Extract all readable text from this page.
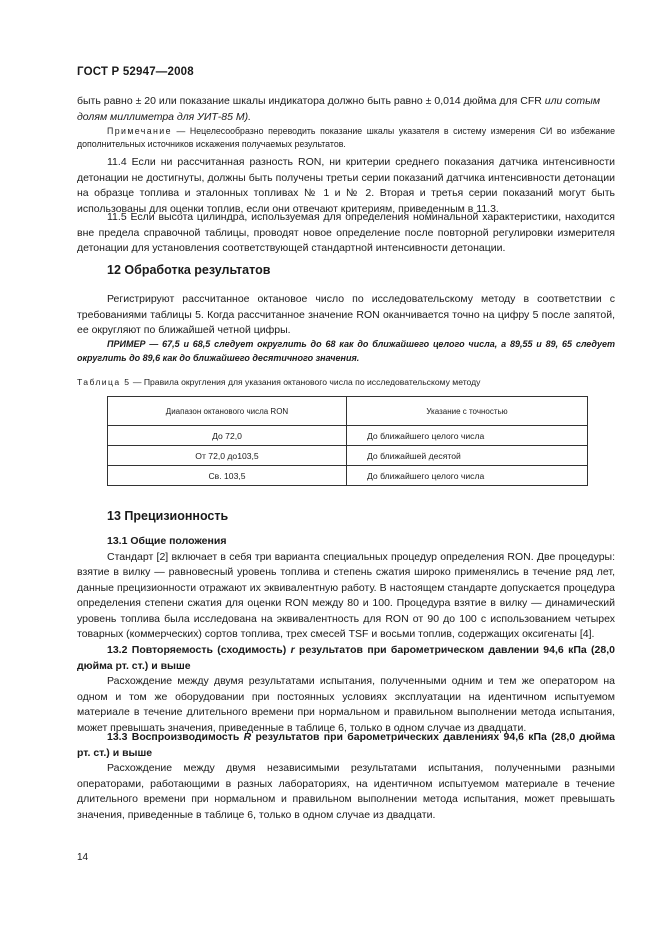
ГОСТ Р 52947—2008
быть равно ± 20 или показание шкалы индикатора должно быть равно ± 0,014 дюйма для CFR или сотым
долям миллиметра для УИТ-85 М).
Примечание — Нецелесообразно переводить показание шкалы указателя в систему измерения СИ во избежание дополнительных источников искажения получаемых результатов.
11.4 Если ни рассчитанная разность RON, ни критерии среднего показания датчика интенсивности детонации не достигнуты, должны быть получены третьи серии показаний датчика интенсивности детонации на образце топлива и эталонных топливах № 1 и № 2. Вторая и третья серии показаний могут быть использованы для оценки топлив, если они отвечают критериям, приведенным в 11.3.
11.5 Если высота цилиндра, используемая для определения номинальной характеристики, находится вне предела справочной таблицы, проводят новое определение после повторной регулировки измерителя детонации для установления соответствующей стандартной интенсивности детонации.
12 Обработка результатов
Регистрируют рассчитанное октановое число по исследовательскому методу в соответствии с требованиями таблицы 5. Когда рассчитанное значение RON оканчивается точно на цифру 5 после запятой, ее округляют по ближайшей четной цифры.
ПРИМЕР — 67,5 и 68,5 следует округлить до 68 как до ближайшего целого числа, а 89,55 и 89, 65 следует округлить до 89,6 как до ближайшего десятичного значения.
Таблица 5 — Правила округления для указания октанового числа по исследовательскому методу
Диапазон октанового числа RON	Указание с точностью
До 72,0	До ближайшего целого числа
От 72,0 до103,5	До ближайшей десятой
Св. 103,5	До ближайшего целого числа
13 Прецизионность
13.1 Общие положения
Стандарт [2] включает в себя три варианта специальных процедур определения RON. Две процедуры: взятие в вилку — равновесный уровень топлива и степень сжатия широко применялись в течение ряд лет, данные прецизионности отражают их эквивалентную работу. В настоящем стандарте допускается процедура определения степени сжатия для оценки RON между 80 и 100. Процедура взятие в вилку — динамический уровень топлива была исследована на эквивалентность для RON от 90 до 100 с использованием четырех товарных (коммерческих) сортов топлива, трех смесей TSF и восьми топлив, содержащих оксигенаты [4].
13.2 Повторяемость (сходимость) r результатов при барометрическом давлении 94,6 кПа (28,0 дюйма рт. ст.) и выше
Расхождение между двумя результатами испытания, полученными одним и тем же оператором на одном и том же оборудовании при постоянных условиях эксплуатации на идентичном испытуемом материале в течение длительного времени при нормальном и правильном выполнении метода испытания, может превышать значения, приведенные в таблице 6, только в одном случае из двадцати.
13.3 Воспроизводимость R результатов при барометрических давлениях 94,6 кПа (28,0 дюйма рт. ст.) и выше
Расхождение между двумя независимыми результатами испытания, полученными разными операторами, работающими в разных лабораториях, на идентичном испытуемом материале в течение длительного времени при нормальном и правильном выполнении метода испытания, может превышать значения, приведенные в таблице 6, только в одном случае из двадцати.
14
